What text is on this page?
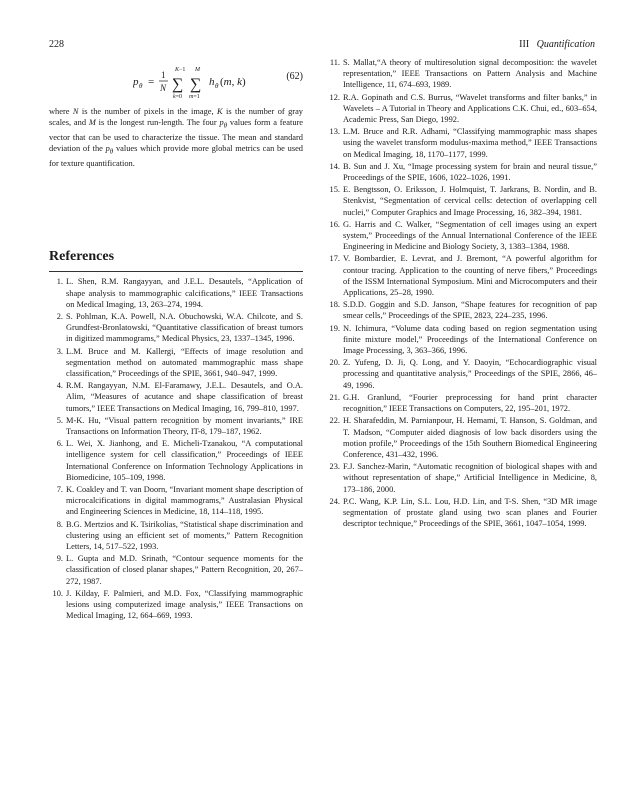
228	III Quantification
p θ =
1
N
K−1
∑
k=0
M
∑
m=1
h θ (m, k)	(62)
where N is the number of pixels in the image, K is the number of gray scales, and M is the longest run-length. The four $p_\theta$ values form a feature vector that can be used to characterize the tissue. The mean and standard deviation of the $p_\theta$ values which provide more global metrics can be used for texture quantification.
References
1. L. Shen, R.M. Rangayyan, and J.E.L. Desautels, “Application of shape analysis to mammographic calcifications,” IEEE Transactions on Medical Imaging, 13, 263–274, 1994.
2. S. Pohlman, K.A. Powell, N.A. Obuchowski, W.A. Chilcote, and S. Grundfest-Bronlatowski, “Quantitative classification of breast tumors in digitized mammograms,” Medical Physics, 23, 1337–1345, 1996.
3. L.M. Bruce and M. Kallergi, “Effects of image resolution and segmentation method on automated mammographic mass shape classification,” Proceedings of the SPIE, 3661, 940–947, 1999.
4. R.M. Rangayyan, N.M. El-Faramawy, J.E.L. Desautels, and O.A. Alim, “Measures of acutance and shape classification of breast tumors,” IEEE Transactions on Medical Imaging, 16, 799–810, 1997.
5. M-K. Hu, “Visual pattern recognition by moment invariants,” IRE Transactions on Information Theory, IT-8, 179–187, 1962.
6. L. Wei, X. Jianhong, and E. Micheli-Tzanakou, “A computational intelligence system for cell classification,” Proceedings of IEEE International Conference on Information Technology Applications in Biomedicine, 105–109, 1998.
7. K. Coakley and T. van Doorn, “Invariant moment shape description of microcalcifications in digital mammograms,” Australasian Physical and Engineering Sciences in Medicine, 18, 114–118, 1995.
8. B.G. Mertzios and K. Tsirikolias, “Statistical shape discrimination and clustering using an efficient set of moments,” Pattern Recognition Letters, 14, 517–522, 1993.
9. L. Gupta and M.D. Srinath, “Contour sequence moments for the classification of closed planar shapes,” Pattern Recognition, 20, 267–272, 1987.
10. J. Kilday, F. Palmieri, and M.D. Fox, “Classifying mammographic lesions using computerized image analysis,” IEEE Transactions on Medical Imaging, 12, 664–669, 1993.
11. S. Mallat,“A theory of multiresolution signal decomposition: the wavelet representation,” IEEE Transactions on Pattern Analysis and Machine Intelligence, 11, 674–693, 1989.
12. R.A. Gopinath and C.S. Burrus, “Wavelet transforms and filter banks,” in Wavelets – A Tutorial in Theory and Applications C.K. Chui, ed., 603–654, Academic Press, San Diego, 1992.
13. L.M. Bruce and R.R. Adhami, “Classifying mammographic mass shapes using the wavelet transform modulus-maxima method,” IEEE Transactions on Medical Imaging, 18, 1170–1177, 1999.
14. B. Sun and J. Xu, “Image processing system for brain and neural tissue,” Proceedings of the SPIE, 1606, 1022–1026, 1991.
15. E. Bengtsson, O. Eriksson, J. Holmquist, T. Jarkrans, B. Nordin, and B. Stenkvist, “Segmentation of cervical cells: detection of overlapping cell nuclei,” Computer Graphics and Image Processing, 16, 382–394, 1981.
16. G. Harris and C. Walker, “Segmentation of cell images using an expert system,” Proceedings of the Annual International Conference of the IEEE Engineering in Medicine and Biology Society, 3, 1383–1384, 1988.
17. V. Bombardier, E. Levrat, and J. Bremont, “A powerful algorithm for contour tracing. Application to the counting of nerve fibers,” Proceedings of the ISSM International Symposium. Mini and Microcomputers and their Applications, 25–28, 1990.
18. S.D.D. Goggin and S.D. Janson, “Shape features for recognition of pap smear cells,” Proceedings of the SPIE, 2823, 224–235, 1996.
19. N. Ichimura, “Volume data coding based on region segmentation using finite mixture model,” Proceedings of the International Conference on Image Processing, 3, 363–366, 1996.
20. Z. Yufeng, D. Ji, Q. Long, and Y. Daoyin, “Echocardiographic visual processing and quantitative analysis,” Proceedings of the SPIE, 2866, 46–49, 1996.
21. G.H. Granlund, “Fourier preprocessing for hand print character recognition,” IEEE Transactions on Computers, 22, 195–201, 1972.
22. H. Sharafeddin, M. Parnianpour, H. Hemami, T. Hanson, S. Goldman, and T. Madson, “Computer aided diagnosis of low back disorders using the motion profile,” Proceedings of the 15th Southern Biomedical Engineering Conference, 431–432, 1996.
23. F.J. Sanchez-Marin, “Automatic recognition of biological shapes with and without representation of shape,” Artificial Intelligence in Medicine, 8, 173–186, 2000.
24. P.C. Wang, K.P. Lin, S.L. Lou, H.D. Lin, and T-S. Shen, “3D MR image segmentation of prostate gland using two scan planes and Fourier descriptor technique,” Proceedings of the SPIE, 3661, 1047–1054, 1999.
